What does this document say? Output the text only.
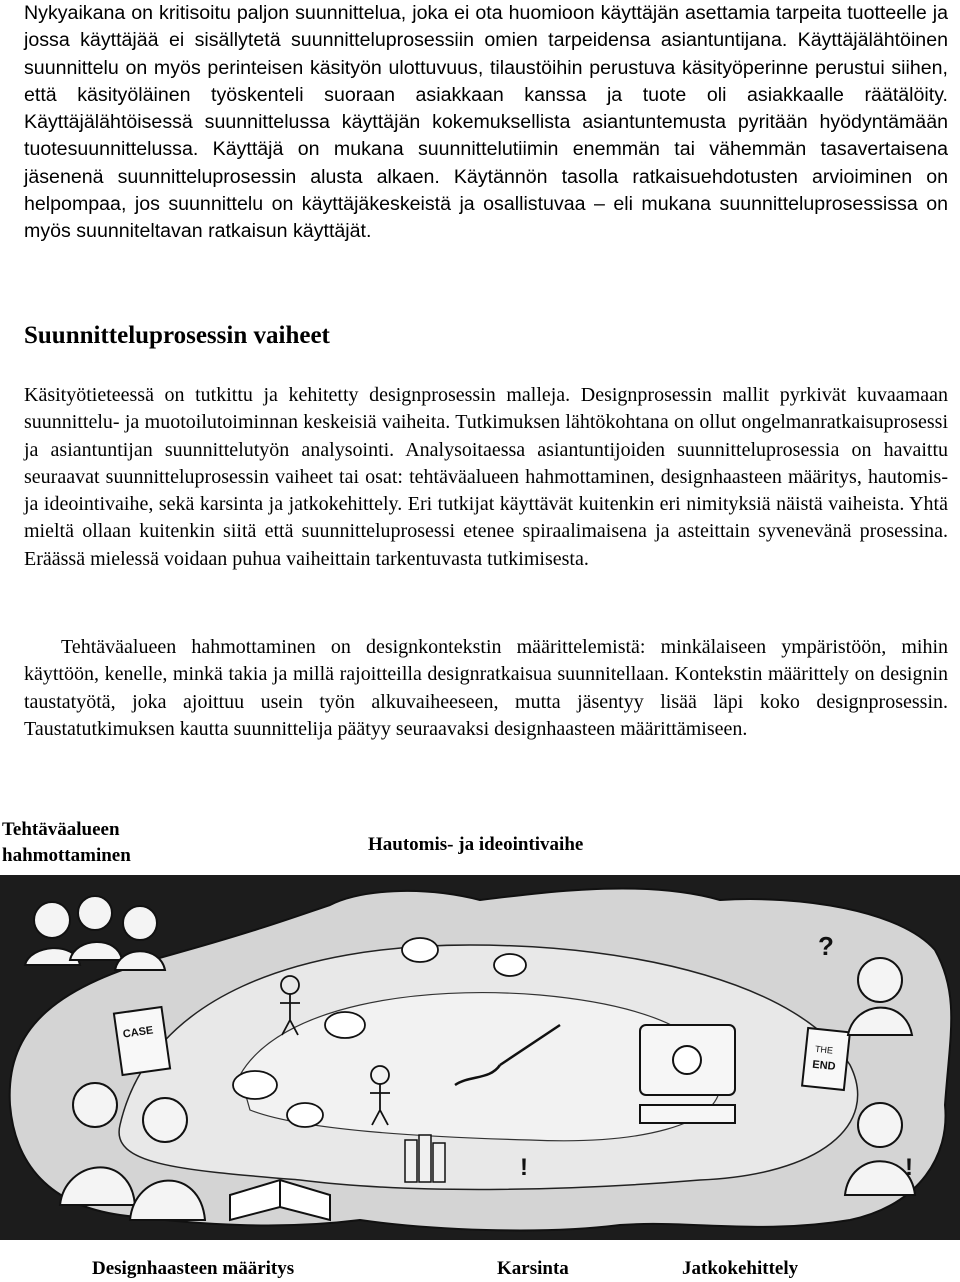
Nykyaikana on kritisoitu paljon suunnittelua, joka ei ota huomioon käyttäjän asettamia tarpeita tuotteelle ja jossa käyttäjää ei sisällytetä suunnitteluprosessiin omien tarpeidensa asiantuntijana. Käyttäjälähtöinen suunnittelu on myös perinteisen käsityön ulottuvuus, tilaustöihin perustuva käsityöperinne perustui siihen, että käsityöläinen työskenteli suoraan asiakkaan kanssa ja tuote oli asiakkaalle räätälöity. Käyttäjälähtöisessä suunnittelussa käyttäjän kokemuksellista asiantuntemusta pyritään hyödyntämään tuotesuunnittelussa. Käyttäjä on mukana suunnittelutiimin enemmän tai vähemmän tasavertaisena jäsenenä suunnitteluprosessin alusta alkaen. Käytännön tasolla ratkaisuehdotusten arvioiminen on helpompaa, jos suunnittelu on käyttäjäkeskeistä ja osallistuvaa – eli mukana suunnitteluprosessissa on myös suunniteltavan ratkaisun käyttäjät.

Suunnitteluprosessin vaiheet

Käsityötieteessä on tutkittu ja kehitetty designprosessin malleja. Designprosessin mallit pyrkivät kuvaamaan suunnittelu- ja muotoilutoiminnan keskeisiä vaiheita. Tutkimuksen lähtökohtana on ollut ongelmanratkaisuprosessi ja asiantuntijan suunnittelutyön analysointi. Analysoitaessa asiantuntijoiden suunnitteluprosessia on havaittu seuraavat suunnitteluprosessin vaiheet tai osat: tehtäväalueen hahmottaminen, designhaasteen määritys, hautomis- ja ideointivaihe, sekä karsinta ja jatkokehittely. Eri tutkijat käyttävät kuitenkin eri nimityksiä näistä vaiheista. Yhtä mieltä ollaan kuitenkin siitä että suunnitteluprosessi etenee spiraalimaisena ja asteittain syvenevänä prosessina. Eräässä mielessä voidaan puhua vaiheittain tarkentuvasta tutkimisesta.

Tehtäväalueen hahmottaminen on designkontekstin määrittelemistä: minkälaiseen ympäristöön, mihin käyttöön, kenelle, minkä takia ja millä rajoitteilla designratkaisua suunnitellaan. Kontekstin määrittely on designin taustatyötä, joka ajoittuu usein työn alkuvaiheeseen, mutta jäsentyy lisää läpi koko designprosessin. Taustatutkimuksen kautta suunnittelija päätyy seuraavaksi designhaasteen määrittämiseen.

Tehtäväalueen
hahmottaminen
Hautomis- ja ideointivaihe
CASE
THE
END
?
!	!
Designhaasteen määritys	Karsinta	Jatkokehittely
